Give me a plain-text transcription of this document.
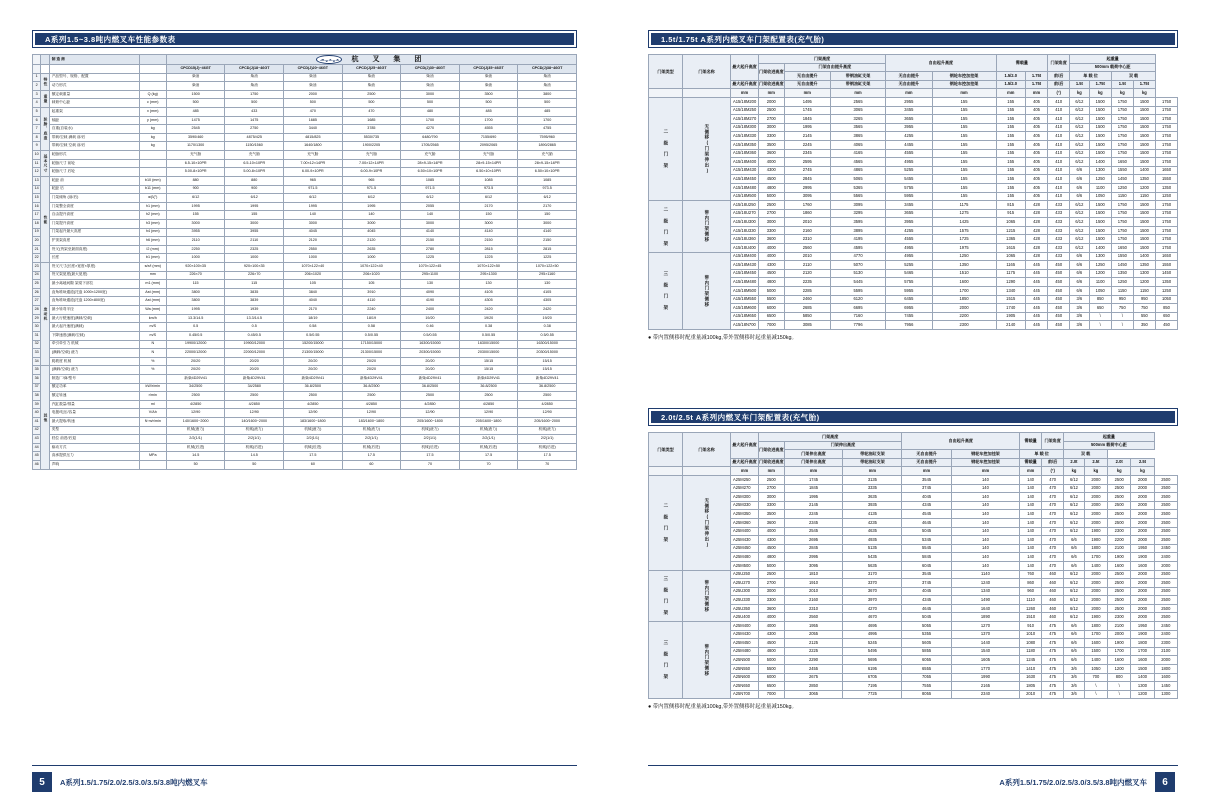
A系列1.5~3.8吨内燃叉车性能参数表
		制 造 商		杭 叉 集 团						

				CPCD15(J)~46GT	CPCD(J)18~46GT	CPCD(J)20~46GT	CPCD(J)25~46GT	CPCD(J)30~46GT	CPCD(J)35~46GT	CPCD(J)38~46GT
1	特性	产品型号、规格、配置		柴油	柴油	柴油	柴油	柴油	柴油	柴油
2		动力形式		柴油	柴油	柴油	柴油	柴油	柴油	柴油
3	重量	额定载重量	Q (kg)	1500	1750	2000	2500	3000	3500	3800
4		载荷中心距	c (mm)	500	500	500	500	500	500	500
5	轮胎、底盘	起重架	x (mm)	485	433	470	470	480	485	485
6		轴距	y (mm)	1475	1475	1685	1685	1700	1700	1700
7		自重(自装水)	kg	2545	2750	3440	3785	4270	4555	4755
8		带载/空载 满载 前/后	kg	3590/460	4875/425	4815/825	5530/735	6480/790	7155/690	7595/960
9		带载/空载 空载 前/后	kg	1170/1300	1150/1560	1640/1800	1900/2205	1705/2565	2095/2065	1890/2865
10	基本尺寸	轮胎形式		充气胎	充气胎	充气胎	充气胎	充气胎	充气胎	充气胎
11		轮胎尺寸 前轮		6.5-10×10PR	6.5-10×10PR	7.00×12×14PR	7.00×12×14PR	28×9-15×14PR	28×9-15×14PR	28×9-15×14PR
12		轮胎尺寸 后轮		5.00-8×10PR	5.00-8×10PR	6.00-9×10PR	6.00-9×10PR	6.50×10×10PR	6.50×10×10PR	6.50×10×10PR
13	性能	轮距 前	b10 (mm)	880	880	965	965	1085	1085	1085
14		轮距 后	b11 (mm)	900	900	971.5	971.5	971.5	973.5	973.5
15		门架倾角 (前/后)	α/β(°)	6/12	6/12	6/12	6/12	6/12	6/12	6/12
16		门架整全高度	h1 (mm)	1995	1995	1995	1995	2055	2170	2170
17		自由提升高度	h2 (mm)	155	155	140	140	140	150	150
18		门架提升高度	h3 (mm)	3000	3000	3000	3000	3000	3000	3000
19		门架起升最大高度	h4 (mm)	3955	3955	4045	4045	4140	4140	4140
20		护顶架高度	h6 (mm)	2110	2110	2120	2120	2150	2150	2150
21		货叉(货架至最面高度)	l2 (mm)	2250	2325	2550	2635	2780	2815	2815
22		长度	b1 (mm)	1000	1000	1000	1000	1225	1225	1225
23	发动机	货叉尺寸(长度×宽度×厚度)	s/e/l (mm)	920×100×35	920×100×35	1070×122×40	1070×122×40	1070×122×45	1070×122×50	1070×122×50
24		货叉架宽度(最大宽度)	mm	226×70	226×70	206×1020	206×1020	295×1100	295×1300	295×1160
25		最小离地间隙 架梁下部位	m1 (mm)	115	115	105	105	130	130	130
26		直角堆垛通道(托盘 1000×1200宽)	Ast (mm)	3800	3835	3840	3910	4090	4105	4105
27		直角堆垛通道(托盘 1200×800宽)	Ast (mm)	3800	3839	4040	4110	4190	4305	4305
28		最小转弯半径	Wa (mm)	1995	1939	2170	2240	2400	2420	2420
29		最大行驶速度(满载/空载)	km/h	13.3/14.5	13.3/14.5	18/19	18/19	19/20	19/20	19/20
30		最大起升速度(满载)	m/S	0.5	0.5	0.58	0.58	0.46	0.38	0.38
31		下降速度(满载/空载)	m/S	0.45/0.5	0.45/0.5	0.5/0.55	0.5/0.55	0.5/0.55	0.5/0.55	0.5/0.55
32		牵引牵引力 机械	N	19900/12000	19900/12000	15200/15000	17150/15000	16300/15000	16300/15000	16300/15000
33		(满载/空载) 液力	N	22000/12000	22000/12000	21300/15000	21300/15000	20300/15000	20300/15000	20300/15000
34		爬坡度 机械	%	20/20	20/20	20/20	20/20	20/20	15/15	15/15
35	其他	(满载/空载) 液力	%	20/20	20/20	20/20	20/20	20/20	15/15	15/15
36		制造厂/商/型号		新柴4D29V41	新柴4D29V41	新柴4D29V41	新柴4D29V41	新柴4D29V41	新柴4D29V41	新柴4D29V41
37		额定功率	kW/r/min	34/2500	34/2580	36.8/2500	36.8/2500	36.8/2500	36.8/2500	36.8/2500
38		额定转速	r/min	2500	2500	2500	2500	2500	2500	2500
39		汽缸数量/排量	ml	4/2850	4/2850	4/2850	4/2850	4/2850	4/2850	4/2850
40		电极/电压/容量	V/Ah	12/90	12/90	12/90	12/90	12/90	12/90	12/90
41		最大提取/转速	N·m/r/min	140/1600~2000	140/1600~2000	183/1600~1800	183/1600~1800	205/1600~1800	205/1600~1800	205/1600~2000
42		类型		机械(液力)	机械(液力)	机械(液力)	机械(液力)	机械(液力)	机械(液力)	机械(液力)
43		档位 前进/后退		2/2(1/1)	2/2(1/1)	2/2(1/1)	2/2(1/1)	2/2(1/1)	2/2(1/1)	2/2(1/1)
44		驱动方式		机械(后进)	机械(后进)	机械(后进)	机械(后进)	机械(后进)	机械(后进)	机械(后进)
45		高承提供压力	MPa	14.5	14.5	17.5	17.5	17.5	17.5	17.5
46		声响		50	50	60	60	70	70	70
5	A系列1.5/1.75/2.0/2.5/3.0/3.5/3.8吨内燃叉车
1.5t/1.75t A系列内燃叉车门架配置表(充气胎)
门架类型	门架名称	最大起升高度	门架高度			自由起升高度		需载量		门架角度	起重量				
			门架收进高度	门架自由提升高度							500mm 载荷中心距				
				无自由提升	带钢油缸支架	无自由提升	钢轮车控加挂架	1.5/2.0	1.75t	前/后	单 载 位		双 载		
		最大起升高度	门架收进高度	无自由提升	带钢油缸支架	无自由提升	钢轮车控加挂架	1.5/2.0	1.75t	前/后	1.5t	1.75t	1.5t	1.75t	
		mm	mm	mm	mm	mm	mm	mm	mm	(°)	kg	kg	kg	kg	
二 级 门 架	无侧移(门架伸出)	A15/18M200	2000	1495	2565	2955	155	155	405	410	6/12	1500	1750	1500	1750
		A15/18M250	2500	1745	3065	3455	155	155	405	410	6/12	1500	1750	1500	1750
		A15/18M270	2700	1845	3265	3655	155	155	405	410	6/12	1500	1750	1500	1750
		A15/18M300	3000	1995	3565	3955	155	155	405	410	6/12	1500	1750	1500	1750
		A15/18M330	3300	2145	3865	4255	155	155	405	410	6/12	1500	1750	1500	1750
		A15/18M350	3500	2245	4065	4455	155	155	405	410	6/12	1500	1750	1500	1750
		A15/18M360	3600	2345	4165	4555	155	155	405	410	6/12	1500	1750	1500	1750
		A15/18M400	4000	2595	4565	4955	155	155	405	410	6/12	1400	1650	1500	1750
		A15/18M430	4300	2745	4865	5255	155	155	405	410	6/6	1300	1550	1400	1650
		A15/18M450	4500	2845	5065	5455	155	155	405	410	6/6	1250	1450	1350	1550
		A15/18M480	4800	2995	5365	5755	155	155	405	410	6/6	1100	1250	1200	1350
		A15/18M500	5000	3095	5565	5955	155	155	405	410	6/6	1050	1150	1150	1250
二 级 门 架	带内门架侧移	A15/18U250	2500	1760	3095	3455	1175	815	428	433	6/12	1500	1750	1500	1750
		A15/18U270	2700	1860	3295	3655	1275	915	428	433	6/12	1500	1750	1500	1750
		A15/18U300	3000	2010	3595	3955	1425	1065	428	433	6/12	1500	1750	1500	1750
		A15/18U330	3300	2160	3895	4255	1575	1215	428	433	6/12	1500	1750	1500	1750
		A15/18U360	3600	2310	4195	4555	1725	1365	428	433	6/12	1500	1750	1500	1750
		A15/18U400	4000	2560	4595	4955	1975	1615	428	433	6/12	1400	1650	1500	1750
三 级 门 架	带内门架侧移	A15/18M400	4000	2010	4770	4955	1250	1065	428	433	6/6	1300	1550	1400	1650
		A15/18M430	4300	2110	5070	5255	1350	1165	445	450	6/6	1250	1450	1350	1550
		A15/18M450	4500	2120	5130	5465	1510	1175	445	450	6/6	1200	1350	1300	1450
		A15/18M480	4800	2235	5445	5755	1600	1290	445	450	6/6	1100	1250	1200	1350
		A15/18M500	5000	2285	5595	5955	1700	1340	445	450	6/6	1050	1150	1150	1250
		A15/18M550	5500	2460	6120	6455	1850	1515	445	450	3/6	850	950	950	1050
		A15/18M600	6000	2685	6695	6955	2000	1740	445	450	3/6	650	750	750	850
		A15/18M650	6500	5850	7160	7455	2200	1905	445	450	3/6	\	\	550	650
		A15/18N700	7000	3085	7796	7956	2300	2140	445	450	3/6	\	\	350	450
● 带内置侧移时配重量减100kg,带外置侧移时起重量减150kg。
2.0t/2.5t A系列内燃叉车门架配置表(充气胎)
门架类型	门架名称	最大起升高度	门架高度			自由起升高度		需载量	门架角度	起重量				
			门架收进高度	门架伸出高度						500mm 载荷中心距				
				门架伸出高度	带轮油缸支架	无自由提升	钢轮车控加挂架	单 载 位		双 载				
		最大起升高度	门架收进高度	门架伸出高度	带轮油缸支架	无自由提升	钢轮车控加挂架	需载量	前/后	2.0t	2.5t	2.0t	2.5t	
		mm	mm	mm	mm	mm	mm	mm	(°)	kg	kg	kg	kg	
二 级 门 架	无侧移(门架伸出)	A25M250	2500	1745	3135	3545	140	140	470	6/12	2000	2500	2000	2500
		A25M270	2700	1845	3335	3745	140	140	470	6/12	2000	2500	2000	2500
		A25M300	3000	1995	3635	4045	140	140	470	6/12	2000	2500	2000	2500
		A25M330	3300	2145	3935	4345	140	140	470	6/12	2000	2500	2000	2500
		A25M350	3500	2245	4135	4545	140	140	470	6/12	2000	2500	2000	2500
		A25M360	3600	2345	4235	4645	140	140	470	6/12	2000	2500	2000	2500
		A25M400	4000	2545	4635	5045	140	140	470	6/12	1900	2300	2000	2500
		A25M430	4300	2695	4935	5345	140	140	470	6/6	1900	2200	2000	2500
		A25M450	4500	2845	5135	5545	140	140	470	6/6	1800	2100	1950	2450
		A25M480	4800	2995	5435	5845	140	140	470	6/6	1700	1900	1900	2400
		A25M500	5000	3095	5635	6045	140	140	470	6/6	1400	1600	1600	2000
三 级 门 架	带内门架侧移	A25U250	2500	1810	3170	3545	1140	760	460	6/12	2000	2500	2000	2500
		A25U270	2700	1910	3370	3745	1240	860	460	6/12	2000	2500	2000	2500
		A25U300	3000	2010	3670	4045	1340	960	460	6/12	2000	2500	2000	2500
		A25U330	3300	2160	3970	4345	1490	1110	460	6/12	2000	2500	2000	2500
		A25U350	3600	2310	4270	4645	1640	1260	460	6/12	2000	2500	2000	2500
		A25U400	4000	2560	4670	5045	1890	1510	460	6/12	1900	2300	2000	2500
三 级 门 架	带内门架侧移	A25M400	4000	1955	4695	5055	1270	910	475	6/6	1800	2100	1950	2450
		A25M430	4300	2055	4995	5355	1370	1010	475	6/6	1700	2000	1900	2400
		A25M450	4500	2125	5245	5605	1440	1080	475	6/6	1600	1900	1800	2300
		A25M480	4800	2225	5495	5855	1540	1180	475	6/6	1500	1700	1700	2100
		A25N500	5000	2290	5695	6055	1605	1245	475	6/6	1400	1600	1600	2000
		A25N550	5500	2455	6195	6555	1770	1410	475	3/6	1050	1200	1500	1800
		A25N600	6000	2675	6705	7055	1990	1630	475	3/6	700	800	1400	1600
		A25N650	6500	2850	7195	7555	2165	1805	475	3/6	\	\	1300	1450
		A25N700	7000	3065	7725	8055	2340	2010	475	3/6	\	\	1200	1300
● 带内置侧移时配重量减100kg,带外置侧移时起重量减150kg。
A系列1.5/1.75/2.0/2.5/3.0/3.5/3.8吨内燃叉车	6
